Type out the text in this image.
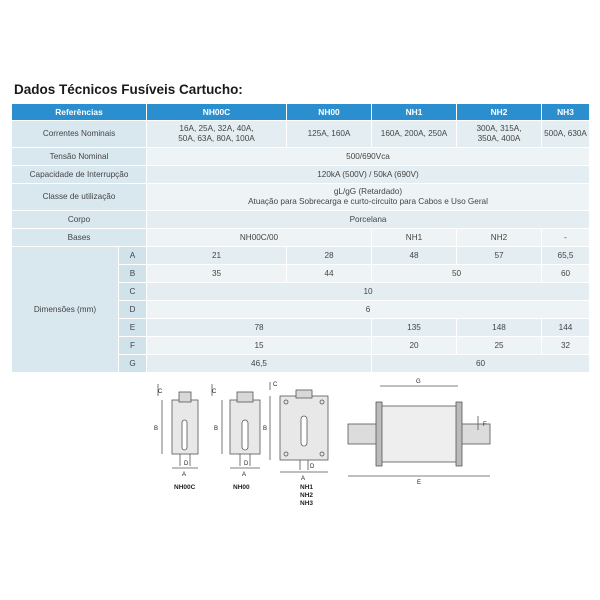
Dados Técnicos Fusíveis Cartucho:
Referências		NH00C	NH00	NH1	NH2	NH3
Correntes Nominais		16A, 25A, 32A, 40A,
50A, 63A, 80A, 100A	125A, 160A	160A, 200A, 250A	300A, 315A,
350A, 400A	500A, 630A
Tensão Nominal		500/690Vca				
Capacidade de Interrupção		120kA (500V) / 50kA (690V)				
Classe de utilização		gL/gG (Retardado)
Atuação para Sobrecarga e curto-circuito para Cabos e Uso Geral				

Corpo		Porcelana				
Bases		NH00C/00		NH1	NH2	-
Dimensões (mm)	A	21	28	48	57	65,5
	B	35	44	50		60
	C	10				
	D	6				
	E	78		135	148	144
	F	15		20	25	32
	G	46,5		60		
C
B
D
A
C
B
D
A
C
B
D
A
G
F
E
NH00C	NH00	NH1
NH2
NH3
